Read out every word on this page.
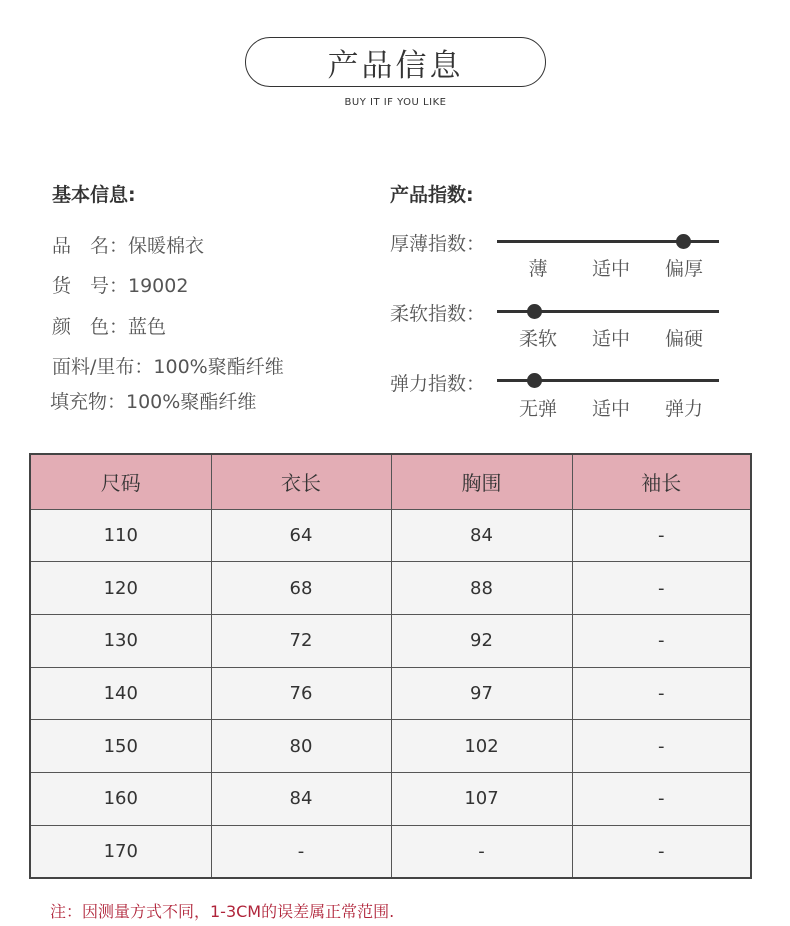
产品信息
BUY IT IF YOU LIKE
基本信息:
品　名：保暖棉衣
货　号：19002
颜　色：蓝色
面料/里布：100%聚酯纤维
填充物：100%聚酯纤维
产品指数:
厚薄指数：
薄	适中	偏厚
柔软指数：
柔软	适中	偏硬
弹力指数：
无弹	适中	弹力
尺码	衣长	胸围	袖长
110	64	84	-
120	68	88	-
130	72	92	-
140	76	97	-
150	80	102	-
160	84	107	-
170	-	-	-
注：因测量方式不同，1-3CM的误差属正常范围.
